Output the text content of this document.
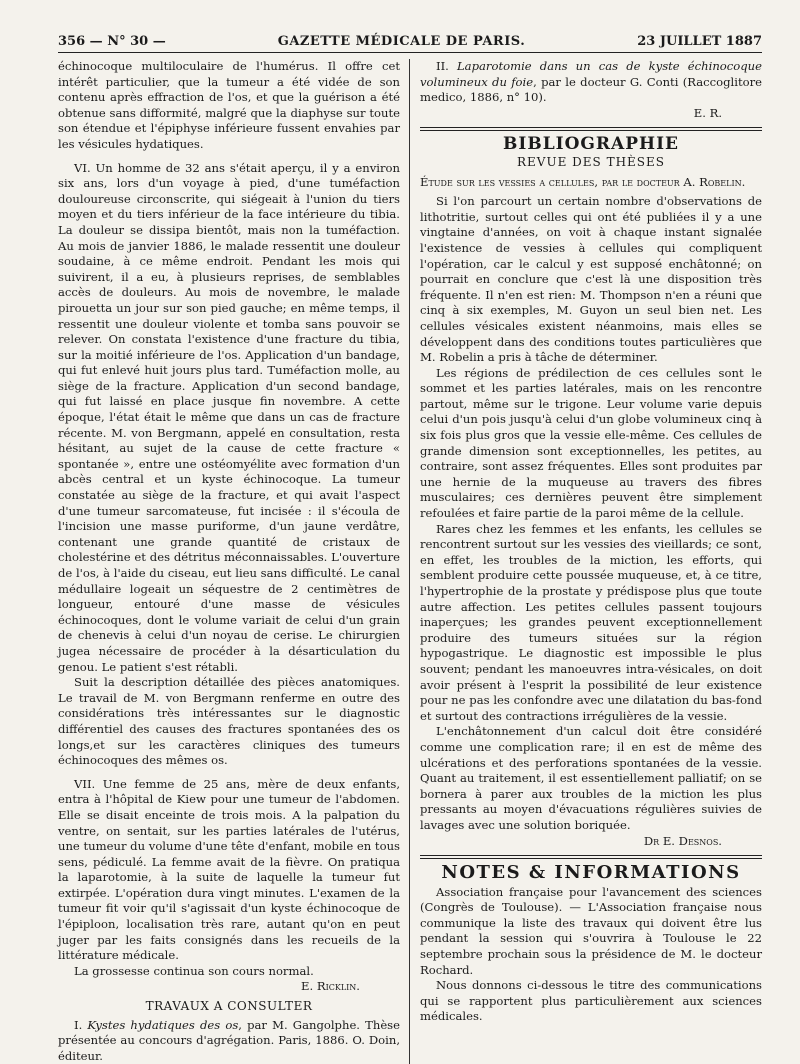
356 — N° 30 —	GAZETTE MÉDICALE DE PARIS.	23 JUILLET 1887

échinocoque multiloculaire de l'humérus. Il offre cet intérêt particulier, que la tumeur a été vidée de son contenu après effraction de l'os, et que la guérison a été obtenue sans difformité, malgré que la diaphyse sur toute son étendue et l'épiphyse inférieure fussent envahies par les vésicules hydatiques.

VI. Un homme de 32 ans s'était aperçu, il y a environ six ans, lors d'un voyage à pied, d'une tuméfaction douloureuse circonscrite, qui siégeait à l'union du tiers moyen et du tiers inférieur de la face intérieure du tibia. La douleur se dissipa bientôt, mais non la tuméfaction. Au mois de janvier 1886, le malade ressentit une douleur soudaine, à ce même endroit. Pendant les mois qui suivirent, il a eu, à plusieurs reprises, de semblables accès de douleurs. Au mois de novembre, le malade pirouetta un jour sur son pied gauche; en même temps, il ressentit une douleur violente et tomba sans pouvoir se relever. On constata l'existence d'une fracture du tibia, sur la moitié inférieure de l'os. Application d'un bandage, qui fut enlevé huit jours plus tard. Tuméfaction molle, au siège de la fracture. Application d'un second bandage, qui fut laissé en place jusque fin novembre. A cette époque, l'état était le même que dans un cas de fracture récente. M. von Bergmann, appelé en consultation, resta hésitant, au sujet de la cause de cette fracture « spontanée », entre une ostéomyélite avec formation d'un abcès central et un kyste échinocoque. La tumeur constatée au siège de la fracture, et qui avait l'aspect d'une tumeur sarcomateuse, fut incisée : il s'écoula de l'incision une masse puriforme, d'un jaune verdâtre, contenant une grande quantité de cristaux de cholestérine et des détritus méconnaissables. L'ouverture de l'os, à l'aide du ciseau, eut lieu sans difficulté. Le canal médullaire logeait un séquestre de 2 centimètres de longueur, entouré d'une masse de vésicules échinocoques, dont le volume variait de celui d'un grain de chenevis à celui d'un noyau de cerise. Le chirurgien jugea nécessaire de procéder à la désarticulation du genou. Le patient s'est rétabli.

Suit la description détaillée des pièces anatomiques. Le travail de M. von Bergmann renferme en outre des considérations très intéressantes sur le diagnostic différentiel des causes des fractures spontanées des os longs,et sur les caractères cliniques des tumeurs échinocoques des mêmes os.

VII. Une femme de 25 ans, mère de deux enfants, entra à l'hôpital de Kiew pour une tumeur de l'abdomen. Elle se disait enceinte de trois mois. A la palpation du ventre, on sentait, sur les parties latérales de l'utérus, une tumeur du volume d'une tête d'enfant, mobile en tous sens, pédiculé. La femme avait de la fièvre. On pratiqua la laparotomie, à la suite de laquelle la tumeur fut extirpée. L'opération dura vingt minutes. L'examen de la tumeur fit voir qu'il s'agissait d'un kyste échinocoque de l'épiploon, localisation très rare, autant qu'on en peut juger par les faits consignés dans les recueils de la littérature médicale.

La grossesse continua son cours normal.

E. Ricklin.
TRAVAUX A CONSULTER

I. Kystes hydatiques des os, par M. Gangolphe. Thèse présentée au concours d'agrégation. Paris, 1886. O. Doin, éditeur.

II. Laparotomie dans un cas de kyste échinocoque volumineux du foie, par le docteur G. Conti (Raccoglitore medico, 1886, n° 10).

E. R.
BIBLIOGRAPHIE
REVUE DES THÈSES

Étude sur les vessies a cellules, par le docteur A. Robelin.

Si l'on parcourt un certain nombre d'observations de lithotritie, surtout celles qui ont été publiées il y a une vingtaine d'années, on voit à chaque instant signalée l'existence de vessies à cellules qui compliquent l'opération, car le calcul y est supposé enchâtonné; on pourrait en conclure que c'est là une disposition très fréquente. Il n'en est rien: M. Thompson n'en a réuni que cinq à six exemples, M. Guyon un seul bien net. Les cellules vésicales existent néanmoins, mais elles se développent dans des conditions toutes particulières que M. Robelin a pris à tâche de déterminer.

Les régions de prédilection de ces cellules sont le sommet et les parties latérales, mais on les rencontre partout, même sur le trigone. Leur volume varie depuis celui d'un pois jusqu'à celui d'un globe volumineux cinq à six fois plus gros que la vessie elle-même. Ces cellules de grande dimension sont exceptionnelles, les petites, au contraire, sont assez fréquentes. Elles sont produites par une hernie de la muqueuse au travers des fibres musculaires; ces dernières peuvent être simplement refoulées et faire partie de la paroi même de la cellule.

Rares chez les femmes et les enfants, les cellules se rencontrent surtout sur les vessies des vieillards; ce sont, en effet, les troubles de la miction, les efforts, qui semblent produire cette poussée muqueuse, et, à ce titre, l'hypertrophie de la prostate y prédispose plus que toute autre affection. Les petites cellules passent toujours inaperçues; les grandes peuvent exceptionnellement produire des tumeurs situées sur la région hypogastrique. Le diagnostic est impossible le plus souvent; pendant les manoeuvres intra-vésicales, on doit avoir présent à l'esprit la possibilité de leur existence pour ne pas les confondre avec une dilatation du bas-fond et surtout des contractions irrégulières de la vessie.

L'enchâtonnement d'un calcul doit être considéré comme une complication rare; il en est de même des ulcérations et des perforations spontanées de la vessie. Quant au traitement, il est essentiellement palliatif; on se bornera à parer aux troubles de la miction les plus pressants au moyen d'évacuations régulières suivies de lavages avec une solution boriquée.

Dr E. Desnos.
NOTES & INFORMATIONS

Association française pour l'avancement des sciences (Congrès de Toulouse). — L'Association française nous communique la liste des travaux qui doivent être lus pendant la session qui s'ouvrira à Toulouse le 22 septembre prochain sous la présidence de M. le docteur Rochard.

Nous donnons ci-dessous le titre des communications qui se rapportent plus particulièrement aux sciences médicales.
